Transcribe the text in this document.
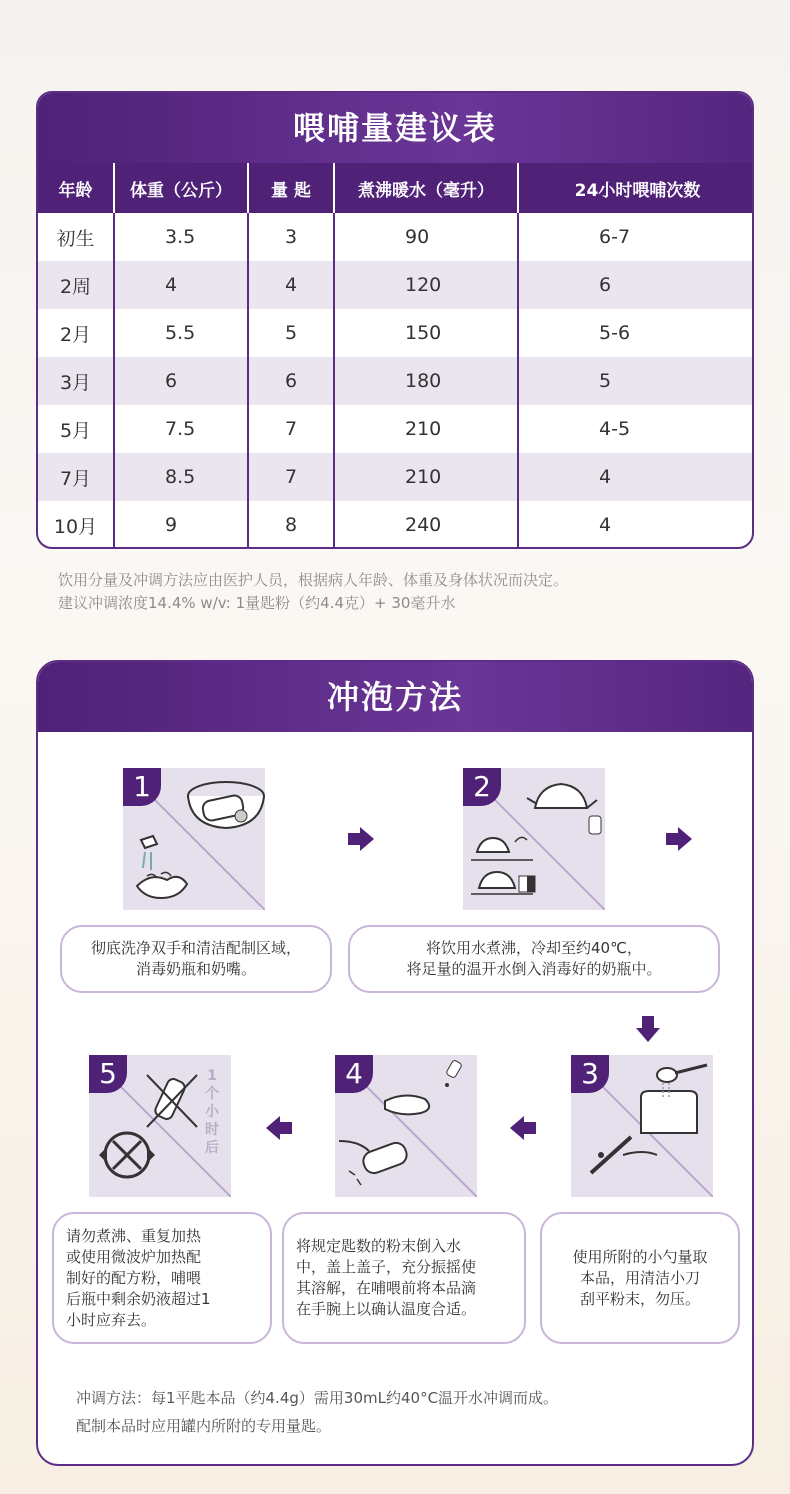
喂哺量建议表
年龄	体重（公斤）	量 匙	煮沸暖水（毫升）	24小时喂哺次数
初生	3.5	3	90	6-7
2周	4	4	120	6
2月	5.5	5	150	5-6
3月	6	6	180	5
5月	7.5	7	210	4-5
7月	8.5	7	210	4
10月	9	8	240	4
饮用分量及冲调方法应由医护人员，根据病人年龄、体重及身体状况而决定。
建议冲调浓度14.4% w/v: 1量匙粉（约4.4克）+ 30毫升水
冲泡方法
1	2
彻底洗净双手和清洁配制区域，
消毒奶瓶和奶嘴。
将饮用水煮沸，冷却至约40℃，
将足量的温开水倒入消毒好的奶瓶中。
5	1
个
小
时
后
4	3
请勿煮沸、重复加热
或使用微波炉加热配
制好的配方粉，哺喂
后瓶中剩余奶液超过1
小时应弃去。
将规定匙数的粉末倒入水
中，盖上盖子，充分振摇使
其溶解，在哺喂前将本品滴
在手腕上以确认温度合适。
使用所附的小勺量取
本品，用清洁小刀
刮平粉末，勿压。
冲调方法：每1平匙本品（约4.4g）需用30mL约40°C温开水冲调而成。
配制本品时应用罐内所附的专用量匙。
